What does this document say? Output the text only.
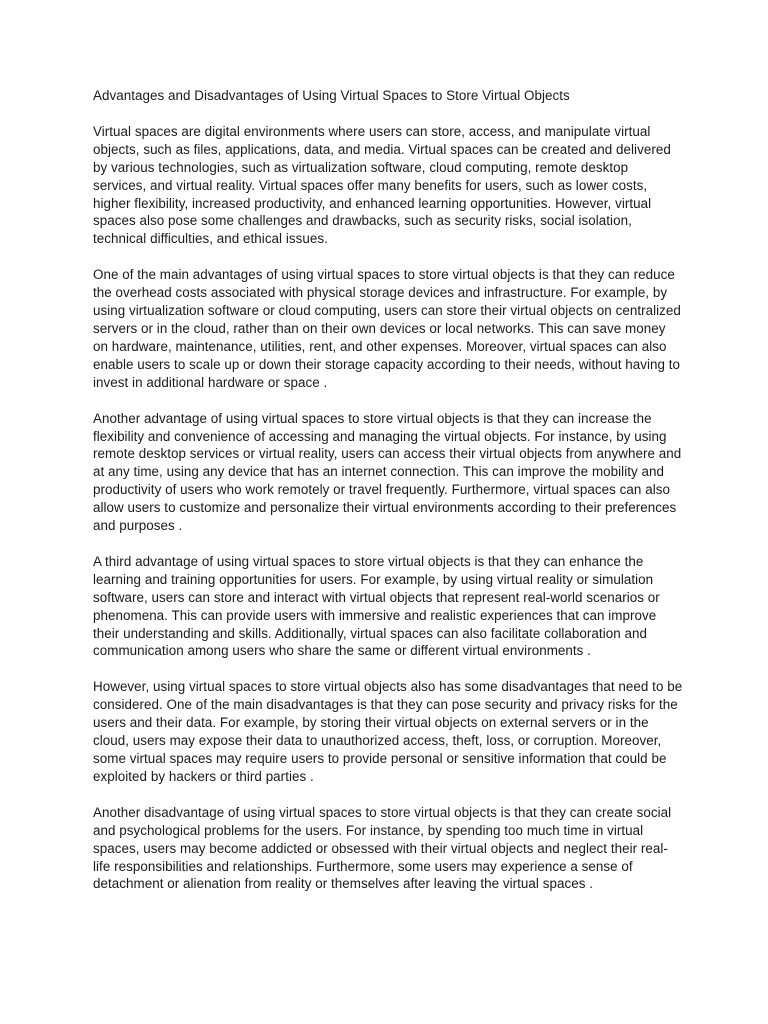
Advantages and Disadvantages of Using Virtual Spaces to Store Virtual Objects

Virtual spaces are digital environments where users can store, access, and manipulate virtual objects, such as files, applications, data, and media. Virtual spaces can be created and delivered by various technologies, such as virtualization software, cloud computing, remote desktop services, and virtual reality. Virtual spaces offer many benefits for users, such as lower costs, higher flexibility, increased productivity, and enhanced learning opportunities. However, virtual spaces also pose some challenges and drawbacks, such as security risks, social isolation, technical difficulties, and ethical issues.

One of the main advantages of using virtual spaces to store virtual objects is that they can reduce the overhead costs associated with physical storage devices and infrastructure. For example, by using virtualization software or cloud computing, users can store their virtual objects on centralized servers or in the cloud, rather than on their own devices or local networks. This can save money on hardware, maintenance, utilities, rent, and other expenses. Moreover, virtual spaces can also enable users to scale up or down their storage capacity according to their needs, without having to invest in additional hardware or space .

Another advantage of using virtual spaces to store virtual objects is that they can increase the flexibility and convenience of accessing and managing the virtual objects. For instance, by using remote desktop services or virtual reality, users can access their virtual objects from anywhere and at any time, using any device that has an internet connection. This can improve the mobility and productivity of users who work remotely or travel frequently. Furthermore, virtual spaces can also allow users to customize and personalize their virtual environments according to their preferences and purposes .

A third advantage of using virtual spaces to store virtual objects is that they can enhance the learning and training opportunities for users. For example, by using virtual reality or simulation software, users can store and interact with virtual objects that represent real-world scenarios or phenomena. This can provide users with immersive and realistic experiences that can improve their understanding and skills. Additionally, virtual spaces can also facilitate collaboration and communication among users who share the same or different virtual environments .

However, using virtual spaces to store virtual objects also has some disadvantages that need to be considered. One of the main disadvantages is that they can pose security and privacy risks for the users and their data. For example, by storing their virtual objects on external servers or in the cloud, users may expose their data to unauthorized access, theft, loss, or corruption. Moreover, some virtual spaces may require users to provide personal or sensitive information that could be exploited by hackers or third parties .

Another disadvantage of using virtual spaces to store virtual objects is that they can create social and psychological problems for the users. For instance, by spending too much time in virtual spaces, users may become addicted or obsessed with their virtual objects and neglect their real-life responsibilities and relationships. Furthermore, some users may experience a sense of detachment or alienation from reality or themselves after leaving the virtual spaces .
